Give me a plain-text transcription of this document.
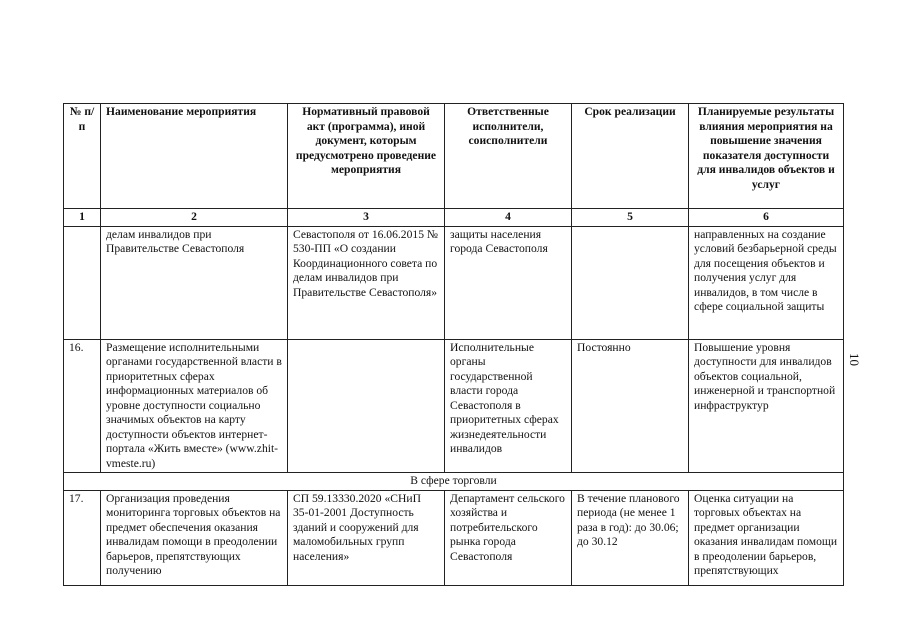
№ п/п	Наименование мероприятия	Нормативный правовой акт (программа), иной документ, которым предусмотрено проведение мероприятия	Ответственные исполнители, соисполнители	Срок реализации	Планируемые результаты влияния мероприятия на повышение значения показателя доступности для инвалидов объектов и услуг
1	2	3	4	5	6
	делам инвалидов при Правительстве Севастополя	Севастополя от 16.06.2015 № 530-ПП «О создании Координационного совета по делам инвалидов при Правительстве Севастополя»	защиты населения города Севастополя		направленных на создание условий безбарьерной среды для посещения объектов и получения услуг для инвалидов, в том числе в сфере социальной защиты
16.	Размещение исполнительными органами государственной власти в приоритетных сферах информационных материалов об уровне доступности социально значимых объектов на карту доступности объектов интернет-портала «Жить вместе» (www.zhit-vmeste.ru)		Исполнительные органы государственной власти города Севастополя в приоритетных сферах жизнедеятельности инвалидов	Постоянно	Повышение уровня доступности для инвалидов объектов социальной, инженерной и транспортной инфраструктур
В сфере торговли					
17.	Организация проведения мониторинга торговых объектов на предмет обеспечения оказания инвалидам помощи в преодолении барьеров, препятствующих получению	СП 59.13330.2020 «СНиП 35-01-2001 Доступность зданий и сооружений для маломобильных групп населения»	Департамент сельского хозяйства и потребительского рынка города Севастополя	В течение планового периода (не менее 1 раза в год): до 30.06; до 30.12	Оценка ситуации на торговых объектах на предмет организации оказания инвалидам помощи в преодолении барьеров, препятствующих
10
